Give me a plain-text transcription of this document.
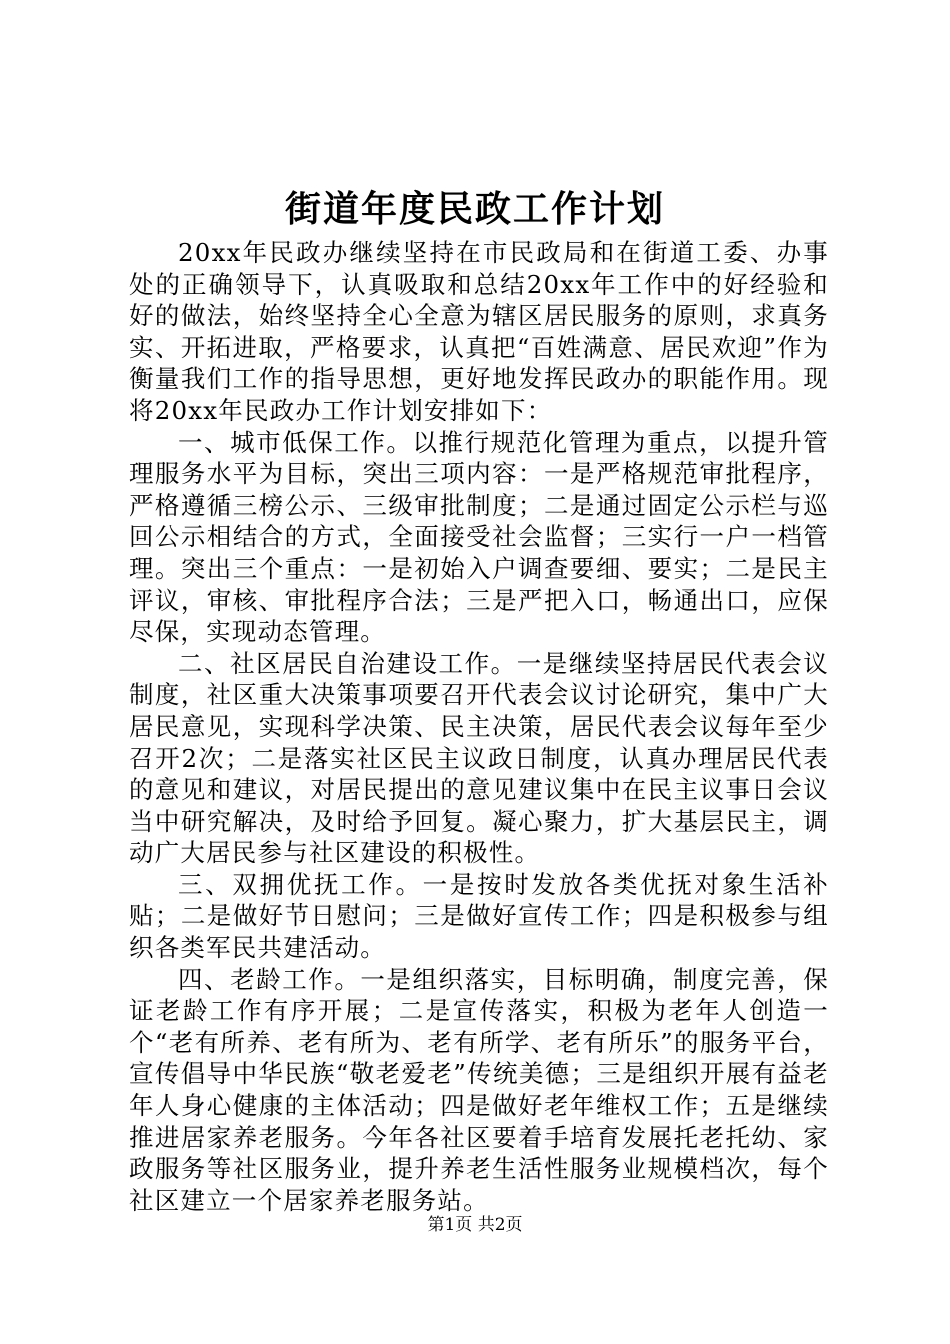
街道年度民政工作计划

20xx年民政办继续坚持在市民政局和在街道工委、办事处的正确领导下，认真吸取和总结20xx年工作中的好经验和好的做法，始终坚持全心全意为辖区居民服务的原则，求真务实、开拓进取，严格要求，认真把“百姓满意、居民欢迎”作为衡量我们工作的指导思想，更好地发挥民政办的职能作用。现将20xx年民政办工作计划安排如下：

一、城市低保工作。以推行规范化管理为重点，以提升管理服务水平为目标，突出三项内容：一是严格规范审批程序，严格遵循三榜公示、三级审批制度；二是通过固定公示栏与巡回公示相结合的方式，全面接受社会监督；三实行一户一档管理。突出三个重点：一是初始入户调查要细、要实；二是民主评议，审核、审批程序合法；三是严把入口，畅通出口，应保尽保，实现动态管理。

二、社区居民自治建设工作。一是继续坚持居民代表会议制度，社区重大决策事项要召开代表会议讨论研究，集中广大居民意见，实现科学决策、民主决策，居民代表会议每年至少召开2次；二是落实社区民主议政日制度，认真办理居民代表的意见和建议，对居民提出的意见建议集中在民主议事日会议当中研究解决，及时给予回复。凝心聚力，扩大基层民主，调动广大居民参与社区建设的积极性。

三、双拥优抚工作。一是按时发放各类优抚对象生活补贴；二是做好节日慰问；三是做好宣传工作；四是积极参与组织各类军民共建活动。

四、老龄工作。一是组织落实，目标明确，制度完善，保证老龄工作有序开展；二是宣传落实，积极为老年人创造一个“老有所养、老有所为、老有所学、老有所乐”的服务平台，宣传倡导中华民族“敬老爱老”传统美德；三是组织开展有益老年人身心健康的主体活动；四是做好老年维权工作；五是继续推进居家养老服务。今年各社区要着手培育发展托老托幼、家政服务等社区服务业，提升养老生活性服务业规模档次，每个社区建立一个居家养老服务站。

第1页 共2页
